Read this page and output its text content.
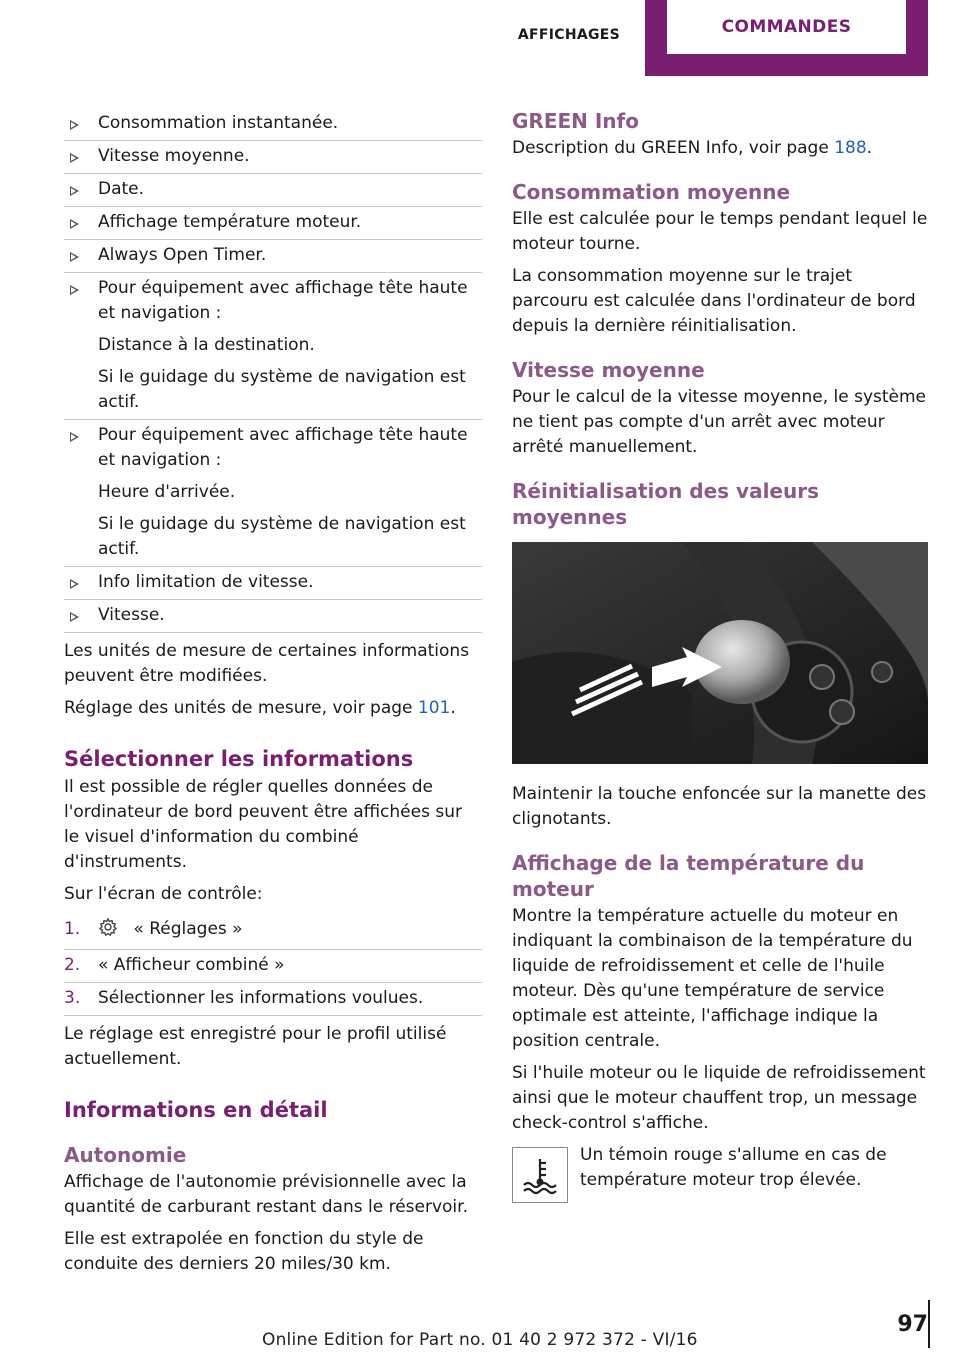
AFFICHAGES	COMMANDES

Consommation instantanée.

Vitesse moyenne.

Date.

Affichage température moteur.

Always Open Timer.

Pour équipement avec affichage tête haute et navigation :

Distance à la destination.

Si le guidage du système de navigation est actif.

Pour équipement avec affichage tête haute et navigation :

Heure d'arrivée.

Si le guidage du système de navigation est actif.

Info limitation de vitesse.

Vitesse.

Les unités de mesure de certaines informations peuvent être modifiées.

Réglage des unités de mesure, voir page 101.

Sélectionner les informations

Il est possible de régler quelles données de l'ordinateur de bord peuvent être affichées sur le visuel d'information du combiné d'instruments.

Sur l'écran de contrôle:

1.	« Réglages »
2. « Afficheur combiné »
3. Sélectionner les informations voulues.

Le réglage est enregistré pour le profil utilisé actuellement.

Informations en détail
Autonomie

Affichage de l'autonomie prévisionnelle avec la quantité de carburant restant dans le réservoir.

Elle est extrapolée en fonction du style de conduite des derniers 20 miles/30 km.

GREEN Info

Description du GREEN Info, voir page 188.

Consommation moyenne

Elle est calculée pour le temps pendant lequel le moteur tourne.

La consommation moyenne sur le trajet parcouru est calculée dans l'ordinateur de bord depuis la dernière réinitialisation.

Vitesse moyenne

Pour le calcul de la vitesse moyenne, le système ne tient pas compte d'un arrêt avec moteur arrêté manuellement.

Réinitialisation des valeurs moyennes

Maintenir la touche enfoncée sur la manette des clignotants.

Affichage de la température du moteur

Montre la température actuelle du moteur en indiquant la combinaison de la température du liquide de refroidissement et celle de l'huile moteur. Dès qu'une température de service optimale est atteinte, l'affichage indique la position centrale.

Si l'huile moteur ou le liquide de refroidissement ainsi que le moteur chauffent trop, un message check-control s'affiche.

Un témoin rouge s'allume en cas de température moteur trop élevée.
97
Online Edition for Part no. 01 40 2 972 372 - VI/16
